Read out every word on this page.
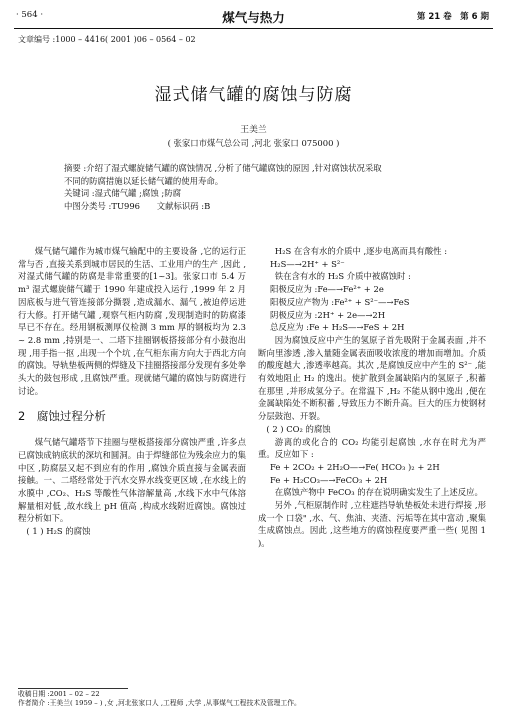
· 564 ·	煤气与热力	第 21 卷　第 6 期
文章编号 :1000 – 4416( 2001 )06 – 0564 – 02
湿式储气罐的腐蚀与防腐
王美兰
( 张家口市煤气总公司 ,河北 张家口 075000 )

摘要 :介绍了湿式螺旋储气罐的腐蚀情况 ,分析了储气罐腐蚀的原因 ,针对腐蚀状况采取

不同的防腐措施以延长储气罐的使用寿命。

关键词 :湿式储气罐 ;腐蚀 ;防腐

中图分类号 :TU996　　文献标识码 :B

煤气储气罐作为城市煤气输配中的主要设备 ,它的运行正常与否 ,直接关系到城市居民的生活、工业用户的生产 ,因此 ,对湿式储气罐的防腐是非常重要的[1~3]。张家口市 5.4 万 m³ 湿式螺旋储气罐于 1990 年建成投入运行 ,1999 年 2 月因底板与进气管连接部分撕裂 ,造成漏水、漏气 ,被迫停运进行大修。打开储气罐 ,观察气柜内防腐 ,发现制造时的防腐漆早已不存在。经用钢板测厚仪检测 3 mm 厚的钢板均为 2.3 ~ 2.8 mm ,持别是一、二塔下挂圈钢板搭接部分有小鼓泡出现 ,用手指一抠 ,出现一个个坑 ,在气柜东南方向大于西北方向的腐蚀。导轨垫板两侧的焊缝及下挂圈搭接部分发现有多处拳头大的鼓包形成 ,且腐蚀严重。现就储气罐的腐蚀与防腐进行讨论。

2　腐蚀过程分析

煤气储气罐塔节下挂圈与壁板搭接部分腐蚀严重 ,许多点已腐蚀成钠底状的深坑和圆洞。由于焊缝部位为残余应力的集中区 ,防腐层又起不到应有的作用 ,腐蚀介质直接与金属表面接触。一、二塔经常处于汽水交界水线变更区域 ,在水线上的水膜中 ,CO₂、H₂S 等酸性气体溶解量高 ,水线下水中气体溶解量相对低 ,故水线上 pH 值高 ,构成水线附近腐蚀。腐蚀过程分析如下。

( 1 ) H₂S 的腐蚀

H₂S 在含有水的介质中 ,逐步电离而具有酸性 :

H₂S—→2H⁺ + S²⁻

铁在含有水的 H₂S 介质中被腐蚀时 :

阳极反应为 :Fe—→Fe²⁺ + 2e

阳极反应产物为 :Fe²⁺ + S²⁻—→FeS

阴极反应为 :2H⁺ + 2e—→2H

总反应为 :Fe + H₂S—→FeS + 2H

因为腐蚀反应中产生的氢原子首先吸附于金属表面 ,并不断向里渗透 ,渗入量随金属表面吸收浓度的增加而增加。介质的酸度越大 ,渗透率越高。其次 ,是腐蚀反应中产生的 S²⁻ ,能有效地阻止 H₂ 的逸出。使扩散到金属缺陷内的氢原子 ,积蓄在那里 ,并形成氢分子。在常温下 ,H₂ 不能从钢中逸出 ,便在金属缺陷处不断积蓄 ,导致压力不断升高。巨大的压力使钢材分层鼓泡、开裂。

( 2 ) CO₂ 的腐蚀

游离的或化合的 CO₂ 均能引起腐蚀 ,水存在时尤为严重。反应如下 :

Fe + 2CO₂ + 2H₂O—→Fe( HCO₃ )₂ + 2H

Fe + H₂CO₃—→FeCO₃ + 2H

在腐蚀产物中 FeCO₃ 的存在说明确实发生了上述反应。

另外 ,气柜原制作时 ,立柱遮挡导轨垫板处未进行焊接 ,形成一个 口袋" ,水、气、焦油、夹渣、污垢等在其中富动 ,聚集生成腐蚀点。因此 ,这些地方的腐蚀程度要严重一些( 见图 1 )。

收稿日期 :2001 – 02 – 22
作者简介 :王美兰( 1959 – ) ,女 ,河北张家口人 ,工程师 ,大学 ,从事煤气工程技术及管理工作。
